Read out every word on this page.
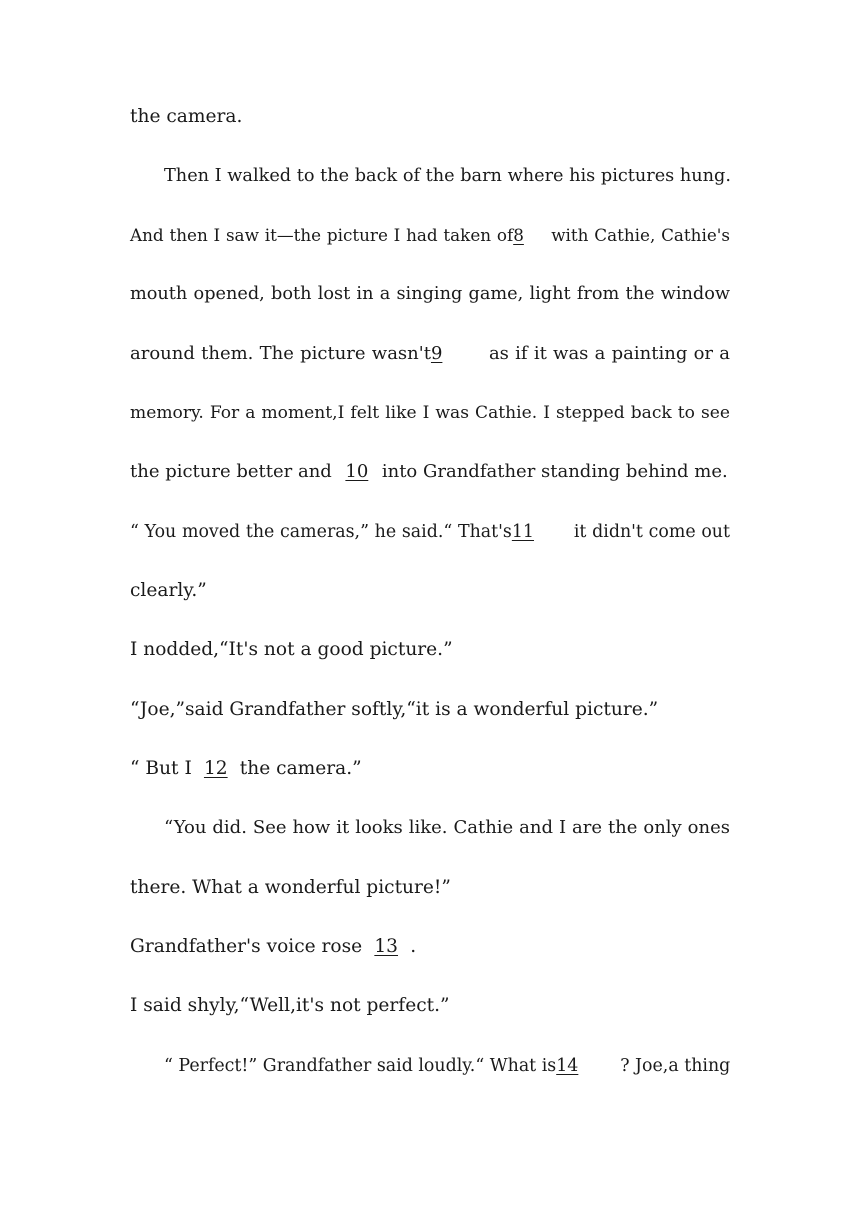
the camera.
Then I walked to the back of the barn where his pictures hung.
And then I saw it—the picture I had taken of8 with Cathie, Cathie's
mouth opened, both lost in a singing game, light from the window
around them. The picture wasn't9	as if it was a painting or a
memory. For a moment,I felt like I was Cathie. I stepped back to see
the picture better and 10 into Grandfather standing behind me.
“ You moved the cameras,” he said.“ That's11 it didn't come out
clearly.”
I nodded,“It's not a good picture.”
“Joe,”said Grandfather softly,“it is a wonderful picture.”
“ But I 12 the camera.”
“You did. See how it looks like. Cathie and I are the only ones
there. What a wonderful picture!”
Grandfather's voice rose 13 .
I said shyly,“Well,it's not perfect.”
“ Perfect!” Grandfather said loudly.“ What is14 ? Joe,a thing
